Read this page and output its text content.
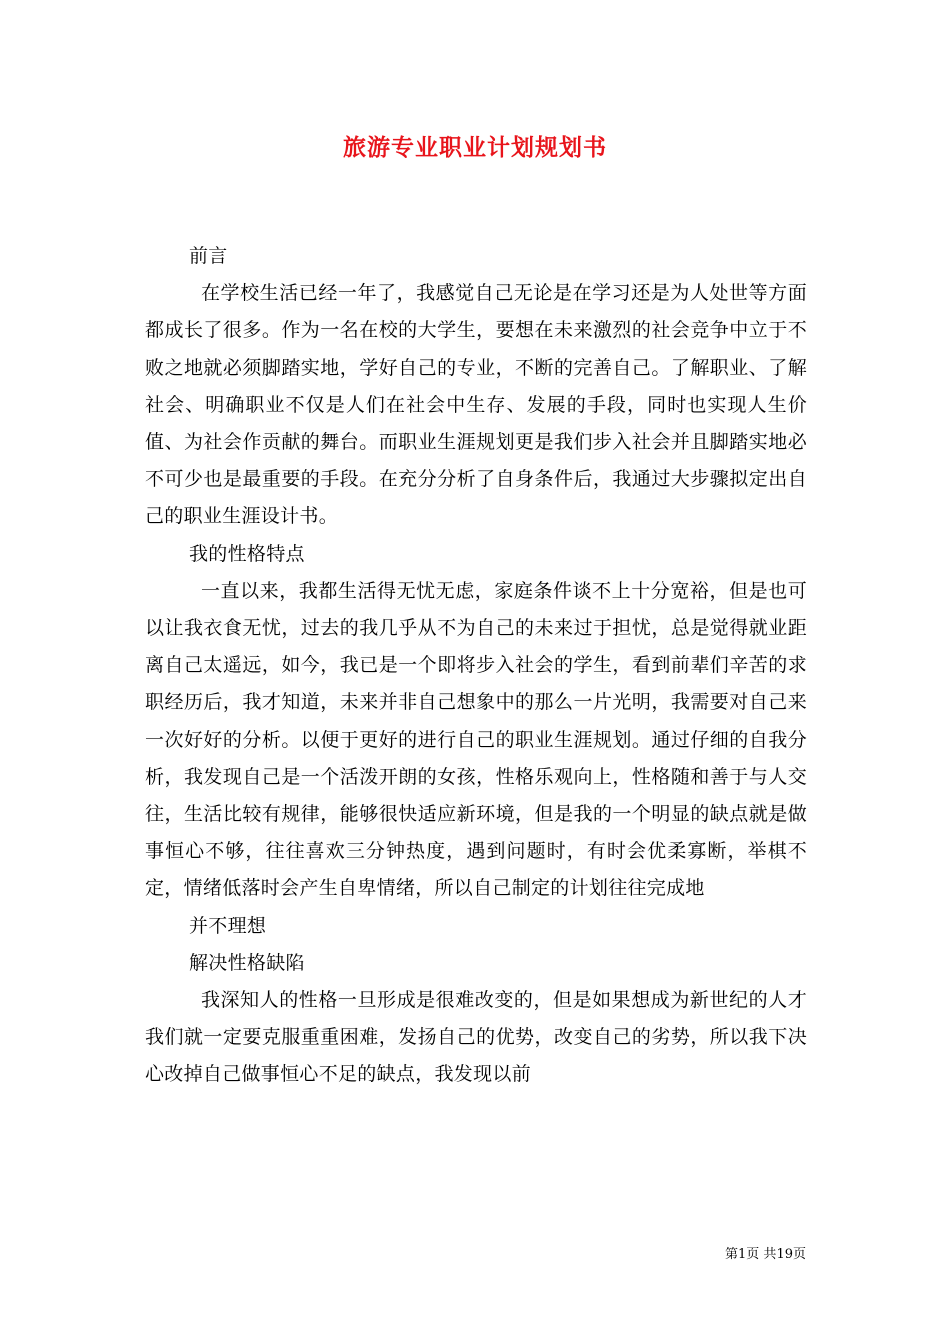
旅游专业职业计划规划书

前言

在学校生活已经一年了，我感觉自己无论是在学习还是为人处世等方面都成长了很多。作为一名在校的大学生，要想在未来激烈的社会竞争中立于不败之地就必须脚踏实地，学好自己的专业，不断的完善自己。了解职业、了解社会、明确职业不仅是人们在社会中生存、发展的手段，同时也实现人生价值、为社会作贡献的舞台。而职业生涯规划更是我们步入社会并且脚踏实地必不可少也是最重要的手段。在充分分析了自身条件后，我通过大步骤拟定出自己的职业生涯设计书。

我的性格特点

一直以来，我都生活得无忧无虑，家庭条件谈不上十分宽裕，但是也可以让我衣食无忧，过去的我几乎从不为自己的未来过于担忧，总是觉得就业距离自己太遥远，如今，我已是一个即将步入社会的学生，看到前辈们辛苦的求职经历后，我才知道，未来并非自己想象中的那么一片光明，我需要对自己来一次好好的分析。以便于更好的进行自己的职业生涯规划。通过仔细的自我分析，我发现自己是一个活泼开朗的女孩，性格乐观向上，性格随和善于与人交往，生活比较有规律，能够很快适应新环境，但是我的一个明显的缺点就是做事恒心不够，往往喜欢三分钟热度，遇到问题时，有时会优柔寡断，举棋不定，情绪低落时会产生自卑情绪，所以自己制定的计划往往完成地

并不理想

解决性格缺陷

我深知人的性格一旦形成是很难改变的，但是如果想成为新世纪的人才我们就一定要克服重重困难，发扬自己的优势，改变自己的劣势，所以我下决心改掉自己做事恒心不足的缺点，我发现以前

第1页 共19页
